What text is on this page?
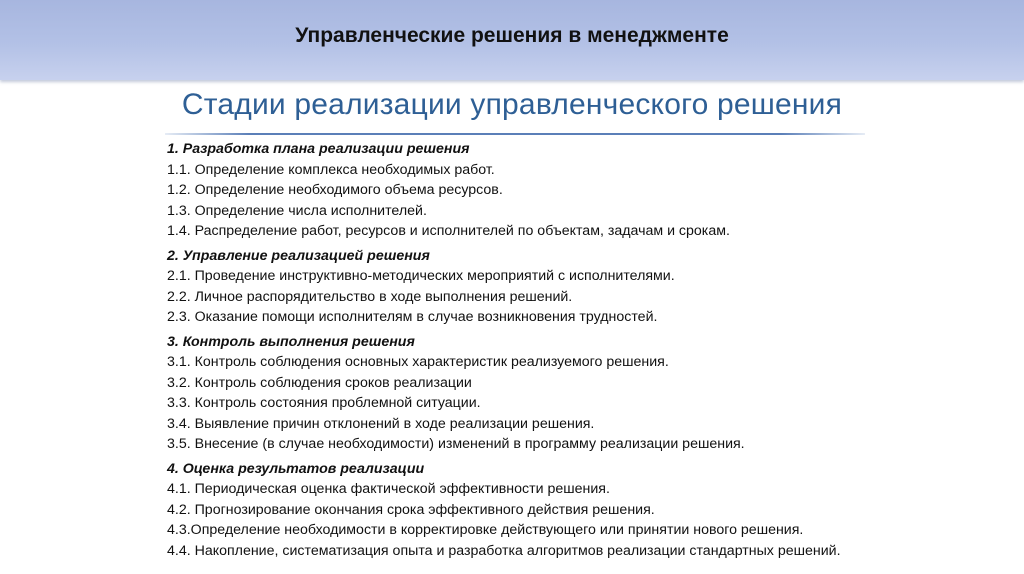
Управленческие решения в менеджменте
Стадии реализации управленческого решения
1. Разработка плана реализации решения
1.1. Определение комплекса необходимых работ.
1.2. Определение необходимого объема ресурсов.
1.3. Определение числа исполнителей.
1.4. Распределение работ, ресурсов и исполнителей по объектам, задачам и срокам.
2. Управление реализацией решения
2.1. Проведение инструктивно-методических мероприятий с исполнителями.
2.2. Личное распорядительство в ходе выполнения решений.
2.3. Оказание помощи исполнителям в случае возникновения трудностей.
3. Контроль выполнения решения
3.1. Контроль соблюдения основных характеристик реализуемого решения.
3.2. Контроль соблюдения сроков реализации
3.3. Контроль состояния проблемной ситуации.
3.4. Выявление причин отклонений в ходе реализации решения.
3.5. Внесение (в случае необходимости) изменений в программу реализации решения.
4. Оценка результатов реализации
4.1. Периодическая оценка фактической эффективности решения.
4.2. Прогнозирование окончания срока эффективного действия решения.
4.3.Определение необходимости в корректировке действующего или принятии нового решения.
4.4. Накопление, систематизация опыта и разработка алгоритмов реализации стандартных решений.
